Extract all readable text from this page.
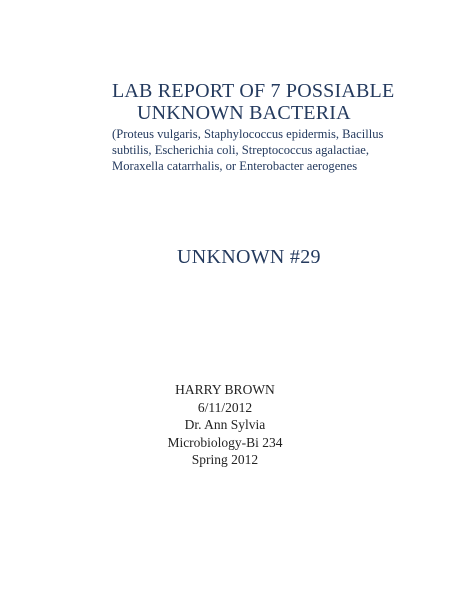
LAB REPORT OF 7 POSSIABLE
UNKNOWN BACTERIA

(Proteus vulgaris, Staphylococcus epidermis, Bacillus
subtilis, Escherichia coli, Streptococcus agalactiae,
Moraxella catarrhalis, or Enterobacter aerogenes

UNKNOWN #29
HARRY BROWN
6/11/2012
Dr. Ann Sylvia
Microbiology-Bi 234
Spring 2012
